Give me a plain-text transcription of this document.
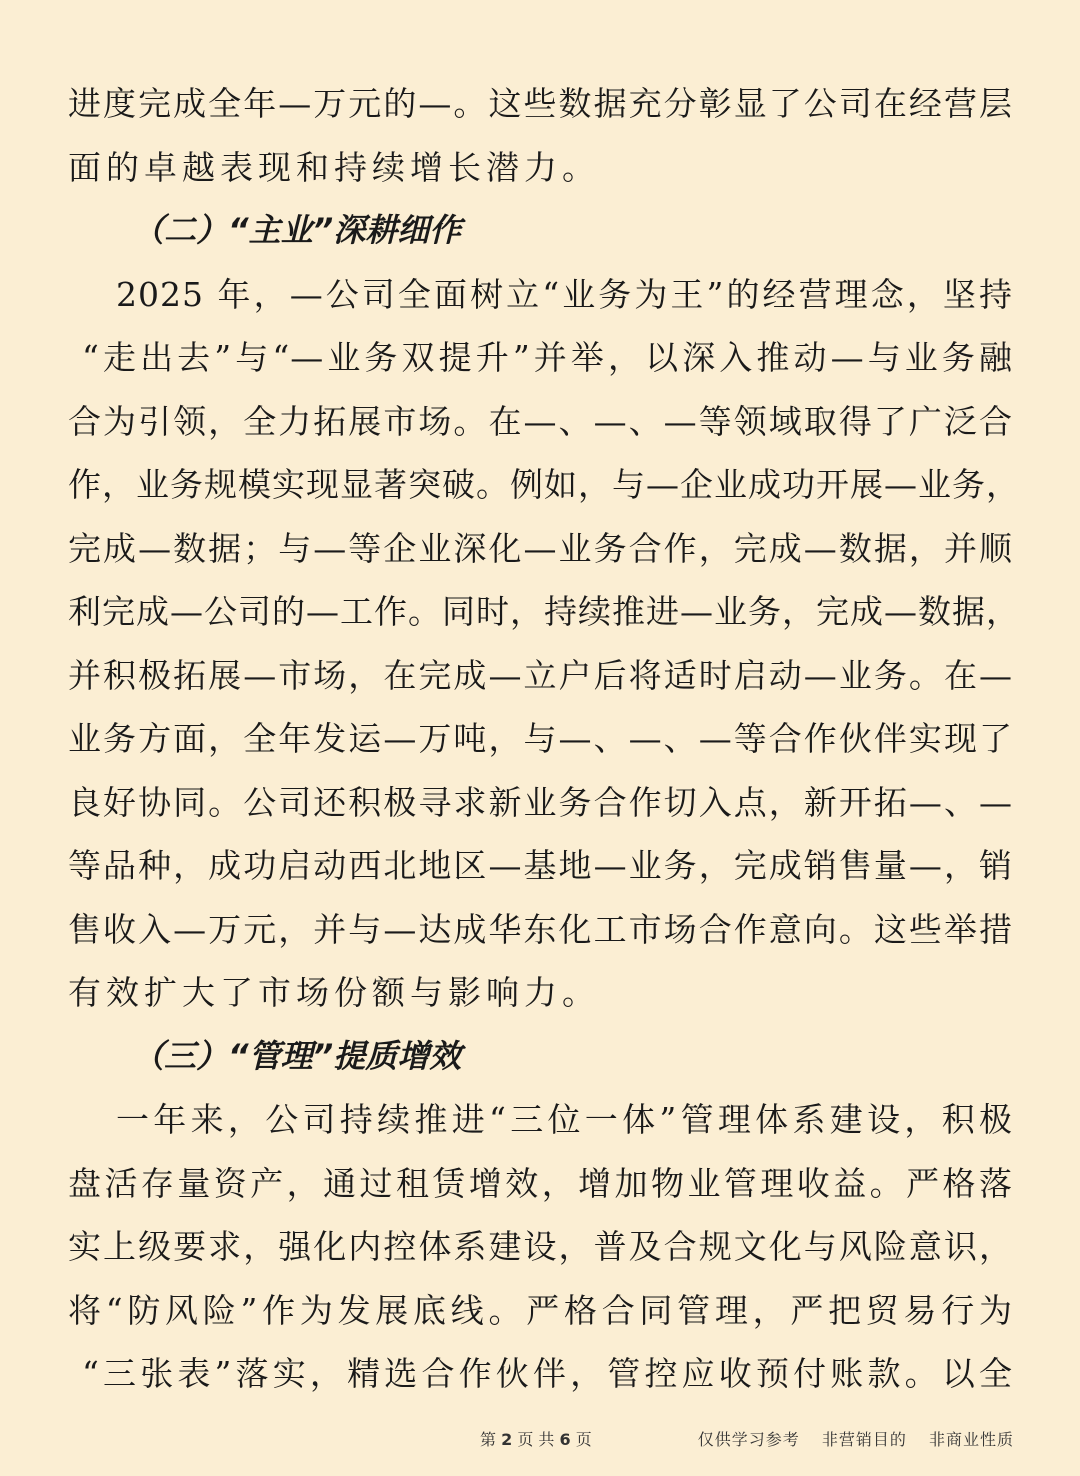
进度完成全年—万元的—。这些数据充分彰显了公司在经营层
面的卓越表现和持续增长潜力。
（二）“主业”深耕细作
2025 年，—公司全面树立“业务为王”的经营理念，坚持
“走出去”与“—业务双提升”并举，以深入推动—与业务融
合为引领，全力拓展市场。在—、—、—等领域取得了广泛合
作，业务规模实现显著突破。例如，与—企业成功开展—业务，
完成—数据；与—等企业深化—业务合作，完成—数据，并顺
利完成—公司的—工作。同时，持续推进—业务，完成—数据，
并积极拓展—市场，在完成—立户后将适时启动—业务。在—
业务方面，全年发运—万吨，与—、—、—等合作伙伴实现了
良好协同。公司还积极寻求新业务合作切入点，新开拓—、—
等品种，成功启动西北地区—基地—业务，完成销售量—，销
售收入—万元，并与—达成华东化工市场合作意向。这些举措
有效扩大了市场份额与影响力。
（三）“管理”提质增效
一年来，公司持续推进“三位一体”管理体系建设，积极
盘活存量资产，通过租赁增效，增加物业管理收益。严格落
实上级要求，强化内控体系建设，普及合规文化与风险意识，
将“防风险”作为发展底线。严格合同管理，严把贸易行为
“三张表”落实，精选合作伙伴，管控应收预付账款。以全
第 2 页 共 6 页	仅供学习参考 非营销目的 非商业性质
